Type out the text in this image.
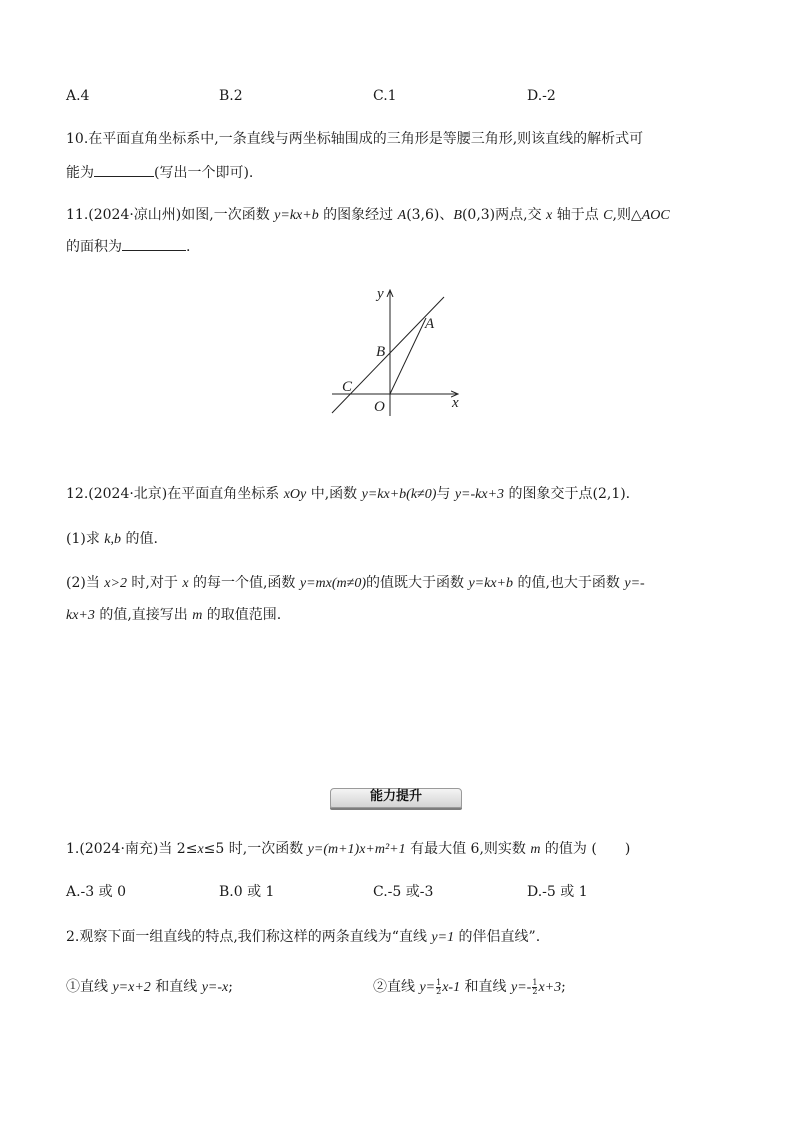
A.4	B.2	C.1	D.-2
10.在平面直角坐标系中,一条直线与两坐标轴围成的三角形是等腰三角形,则该直线的解析式可
能为	(写出一个即可).
11.(2024·凉山州)如图,一次函数 y=kx+b 的图象经过 A(3,6)、B(0,3)两点,交 x 轴于点 C,则△AOC
的面积为	.
y
x
O
A
B
C
12.(2024·北京)在平面直角坐标系 xOy 中,函数 y=kx+b(k≠0)与 y=-kx+3 的图象交于点(2,1).
(1)求 k,b 的值.
(2)当 x>2 时,对于 x 的每一个值,函数 y=mx(m≠0)的值既大于函数 y=kx+b 的值,也大于函数 y=-
kx+3 的值,直接写出 m 的取值范围.
能力提升
1.(2024·南充)当 2≤x≤5 时,一次函数 y=(m+1)x+m²+1 有最大值 6,则实数 m 的值为 (　　)
A.-3 或 0	B.0 或 1	C.-5 或-3	D.-5 或 1
2.观察下面一组直线的特点,我们称这样的两条直线为“直线 y=1 的伴侣直线”.
①直线 y=x+2 和直线 y=-x;	②直线 $y= \frac{1}{2} x-1$ 和直线 $y=- \frac{1}{2} x+3$;
